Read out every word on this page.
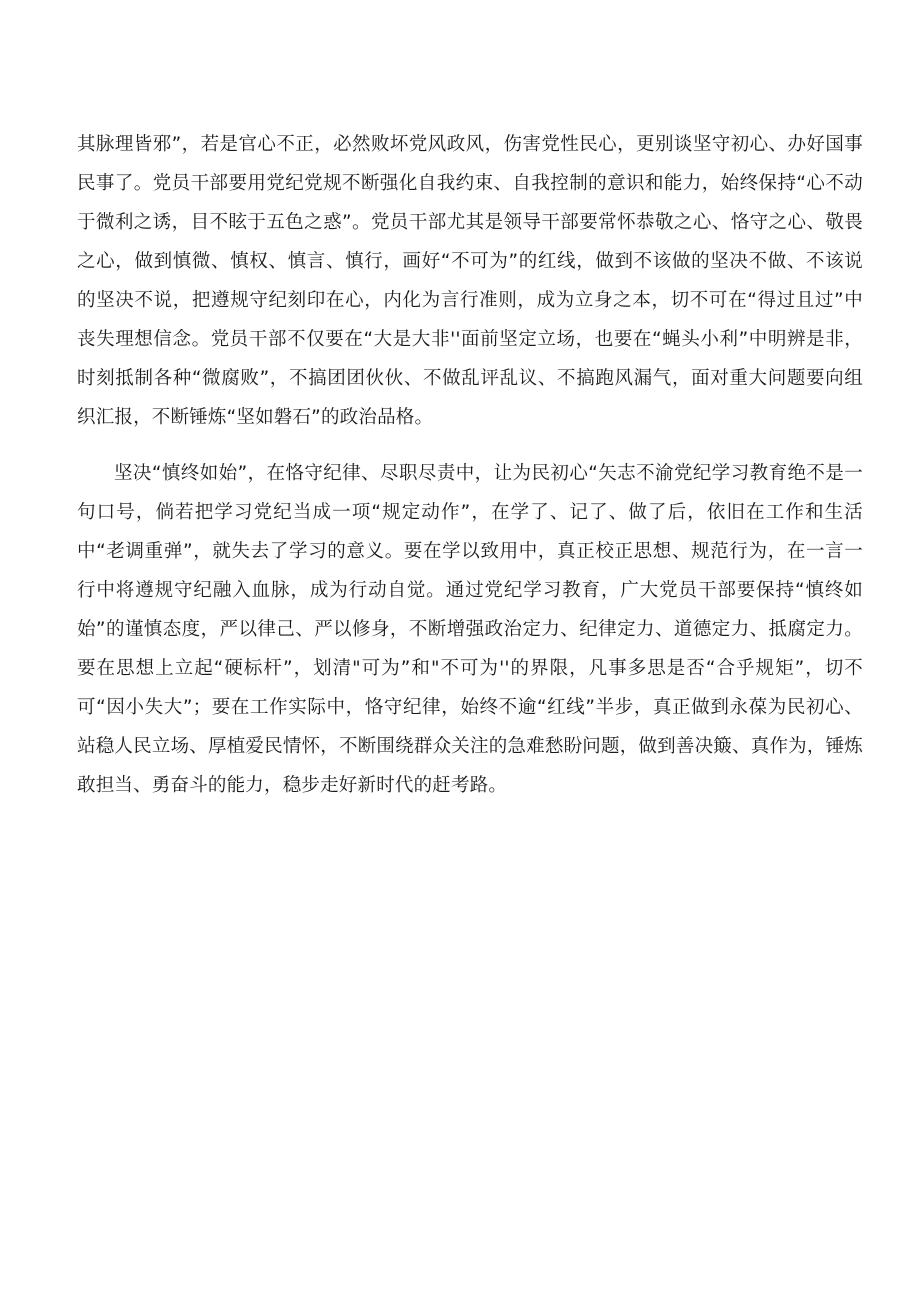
其脉理皆邪”，若是官心不正，必然败坏党风政风，伤害党性民心，更别谈坚守初心、办好国事民事了。党员干部要用党纪党规不断强化自我约束、自我控制的意识和能力，始终保持“心不动于微利之诱，目不眩于五色之惑”。党员干部尤其是领导干部要常怀恭敬之心、恪守之心、敬畏之心，做到慎微、慎权、慎言、慎行，画好“不可为”的红线，做到不该做的坚决不做、不该说的坚决不说，把遵规守纪刻印在心，内化为言行准则，成为立身之本，切不可在“得过且过”中丧失理想信念。党员干部不仅要在“大是大非''面前坚定立场，也要在“蝇头小利”中明辨是非，时刻抵制各种“微腐败”，不搞团团伙伙、不做乱评乱议、不搞跑风漏气，面对重大问题要向组织汇报，不断锤炼“坚如磐石”的政治品格。

坚决“慎终如始”，在恪守纪律、尽职尽责中，让为民初心“矢志不渝党纪学习教育绝不是一句口号，倘若把学习党纪当成一项“规定动作”，在学了、记了、做了后，依旧在工作和生活中“老调重弹”，就失去了学习的意义。要在学以致用中，真正校正思想、规范行为，在一言一行中将遵规守纪融入血脉，成为行动自觉。通过党纪学习教育，广大党员干部要保持“慎终如始”的谨慎态度，严以律己、严以修身，不断增强政治定力、纪律定力、道德定力、抵腐定力。要在思想上立起“硬标杆”，划清"可为”和"不可为''的界限，凡事多思是否“合乎规矩”，切不可“因小失大”；要在工作实际中，恪守纪律，始终不逾“红线”半步，真正做到永葆为民初心、站稳人民立场、厚植爱民情怀，不断围绕群众关注的急难愁盼问题，做到善决簸、真作为，锤炼敢担当、勇奋斗的能力，稳步走好新时代的赶考路。
